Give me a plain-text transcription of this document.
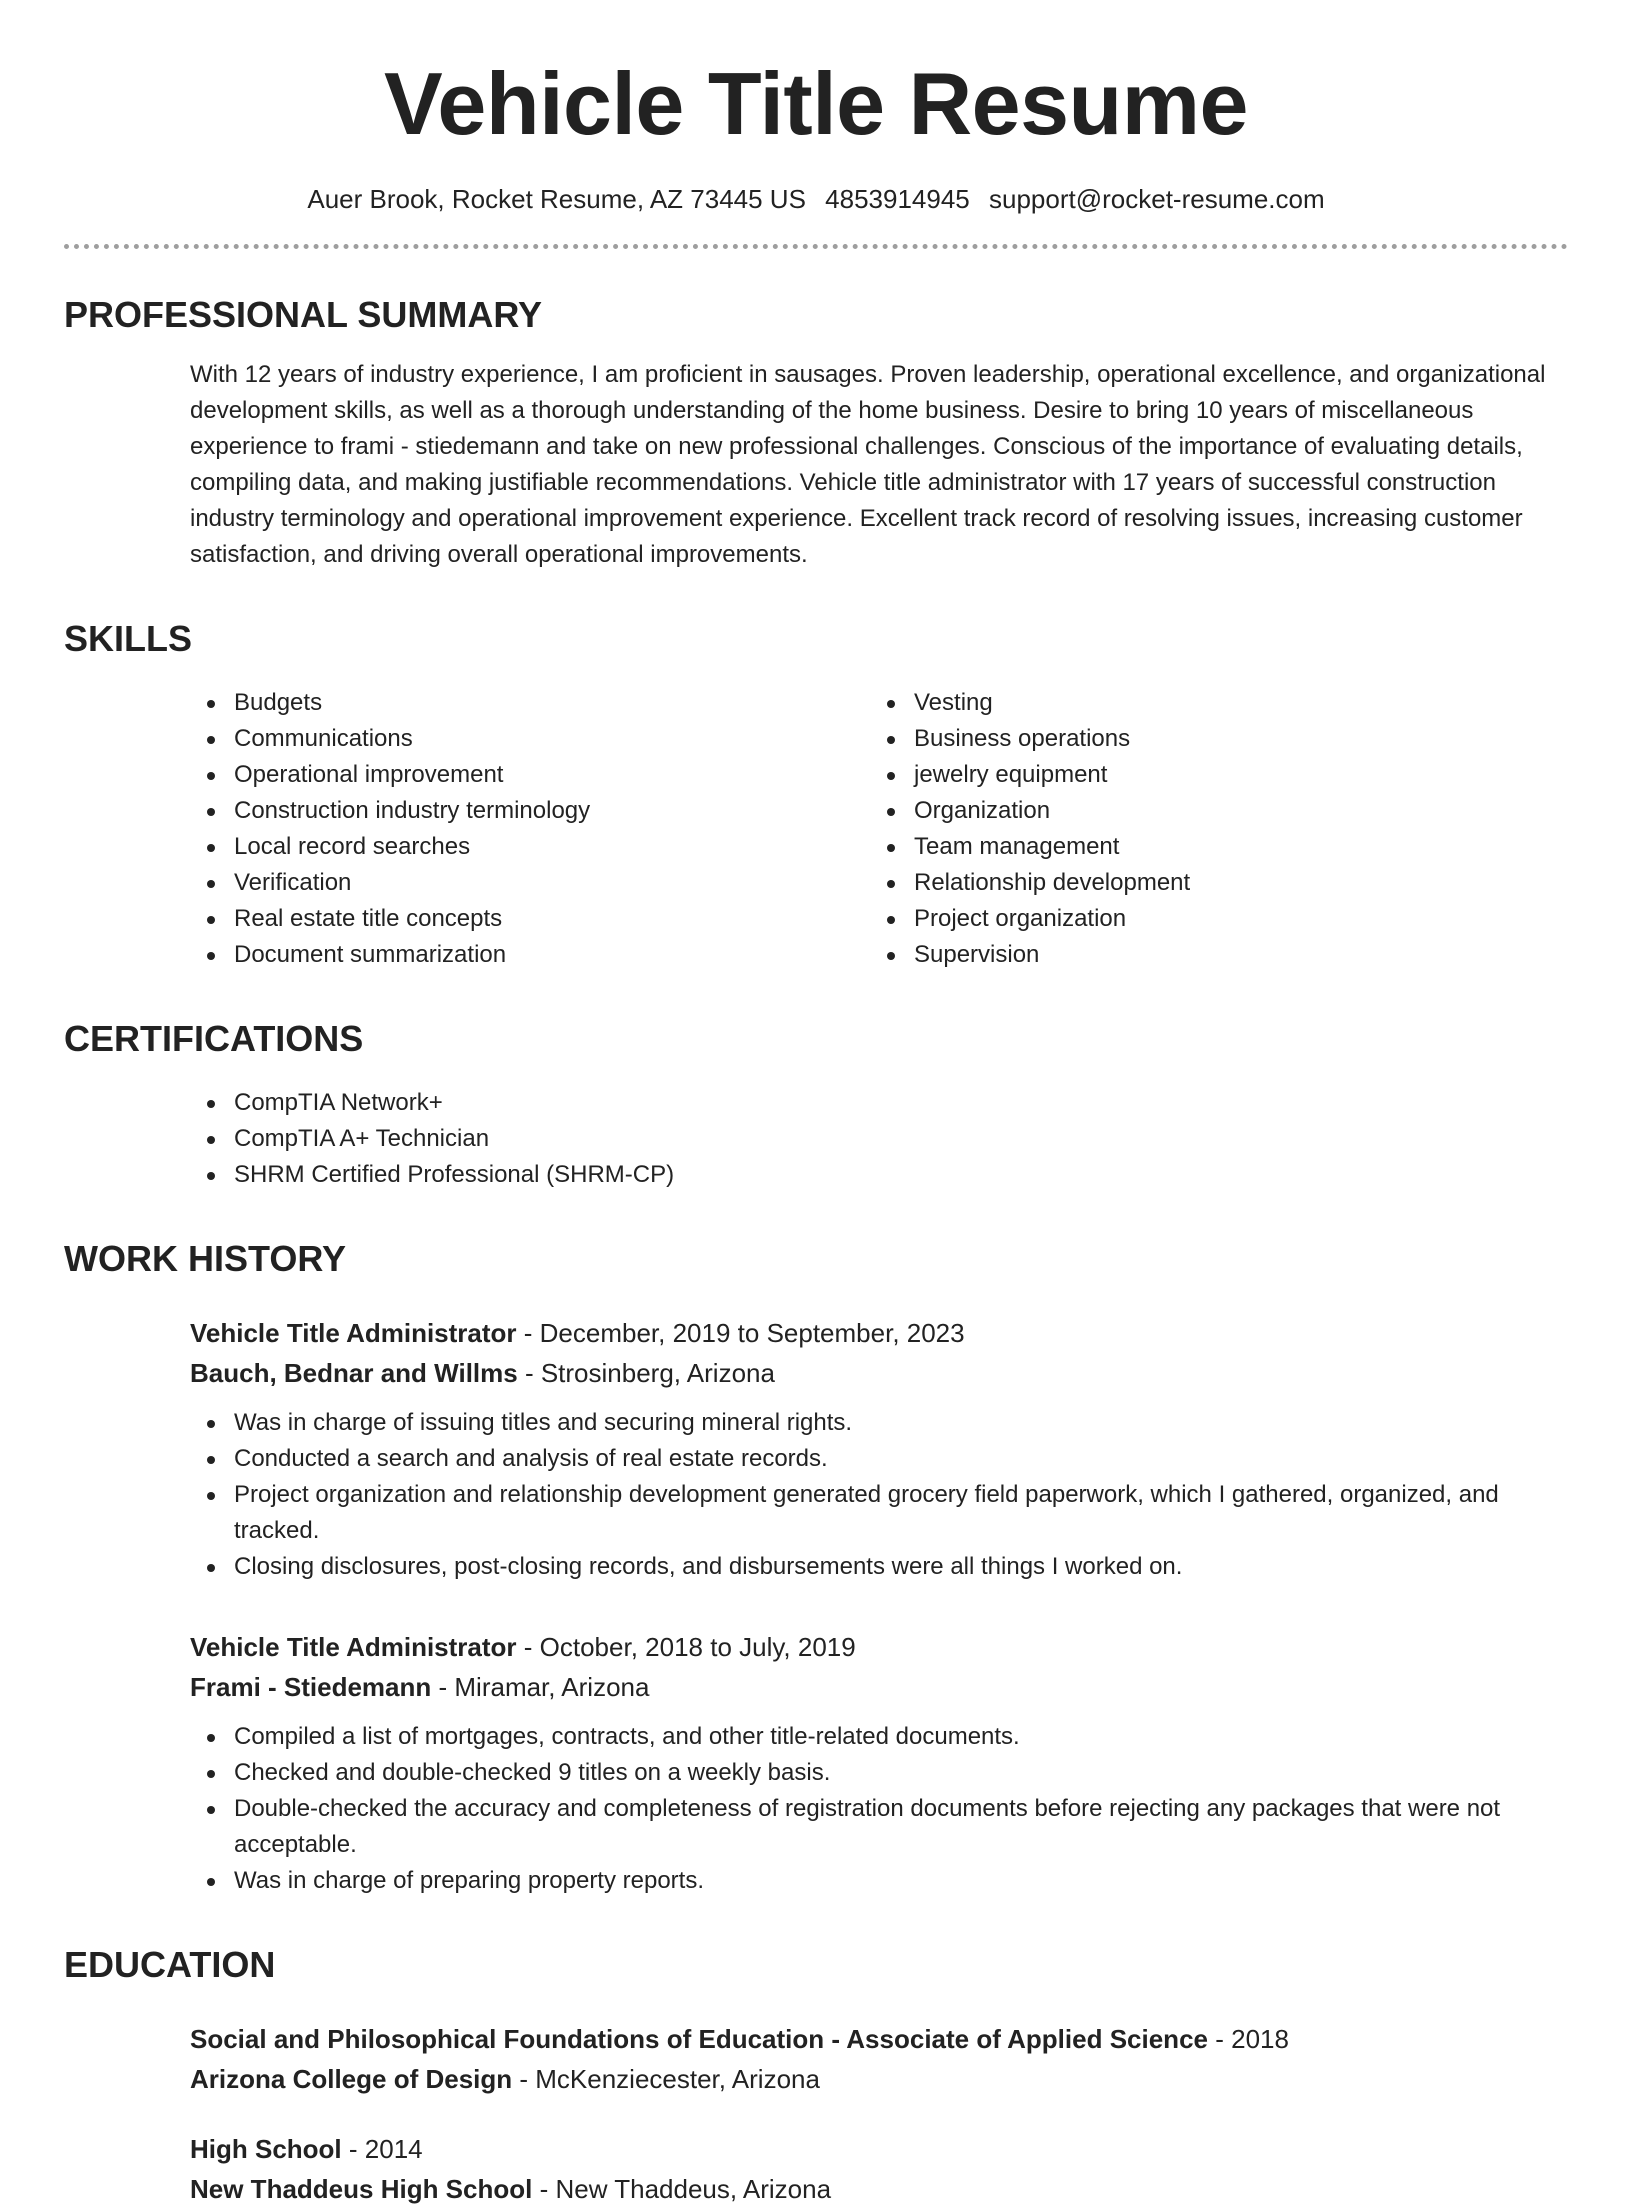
Vehicle Title Resume
Auer Brook, Rocket Resume, AZ 73445 US 4853914945 support@rocket-resume.com
PROFESSIONAL SUMMARY

With 12 years of industry experience, I am proficient in sausages. Proven leadership, operational excellence, and organizational development skills, as well as a thorough understanding of the home business. Desire to bring 10 years of miscellaneous experience to frami - stiedemann and take on new professional challenges. Conscious of the importance of evaluating details, compiling data, and making justifiable recommendations. Vehicle title administrator with 17 years of successful construction industry terminology and operational improvement experience. Excellent track record of resolving issues, increasing customer satisfaction, and driving overall operational improvements.

SKILLS
Budgets
Communications
Operational improvement
Construction industry terminology
Local record searches
Verification
Real estate title concepts
Document summarization
Vesting
Business operations
jewelry equipment
Organization
Team management
Relationship development
Project organization
Supervision
CERTIFICATIONS
CompTIA Network+
CompTIA A+ Technician
SHRM Certified Professional (SHRM-CP)
WORK HISTORY
Vehicle Title Administrator - December, 2019 to September, 2023
Bauch, Bednar and Willms - Strosinberg, Arizona
Was in charge of issuing titles and securing mineral rights.
Conducted a search and analysis of real estate records.
Project organization and relationship development generated grocery field paperwork, which I gathered, organized, and tracked.
Closing disclosures, post-closing records, and disbursements were all things I worked on.
Vehicle Title Administrator - October, 2018 to July, 2019
Frami - Stiedemann - Miramar, Arizona
Compiled a list of mortgages, contracts, and other title-related documents.
Checked and double-checked 9 titles on a weekly basis.
Double-checked the accuracy and completeness of registration documents before rejecting any packages that were not acceptable.
Was in charge of preparing property reports.
EDUCATION
Social and Philosophical Foundations of Education - Associate of Applied Science - 2018
Arizona College of Design - McKenziecester, Arizona
High School - 2014
New Thaddeus High School - New Thaddeus, Arizona
